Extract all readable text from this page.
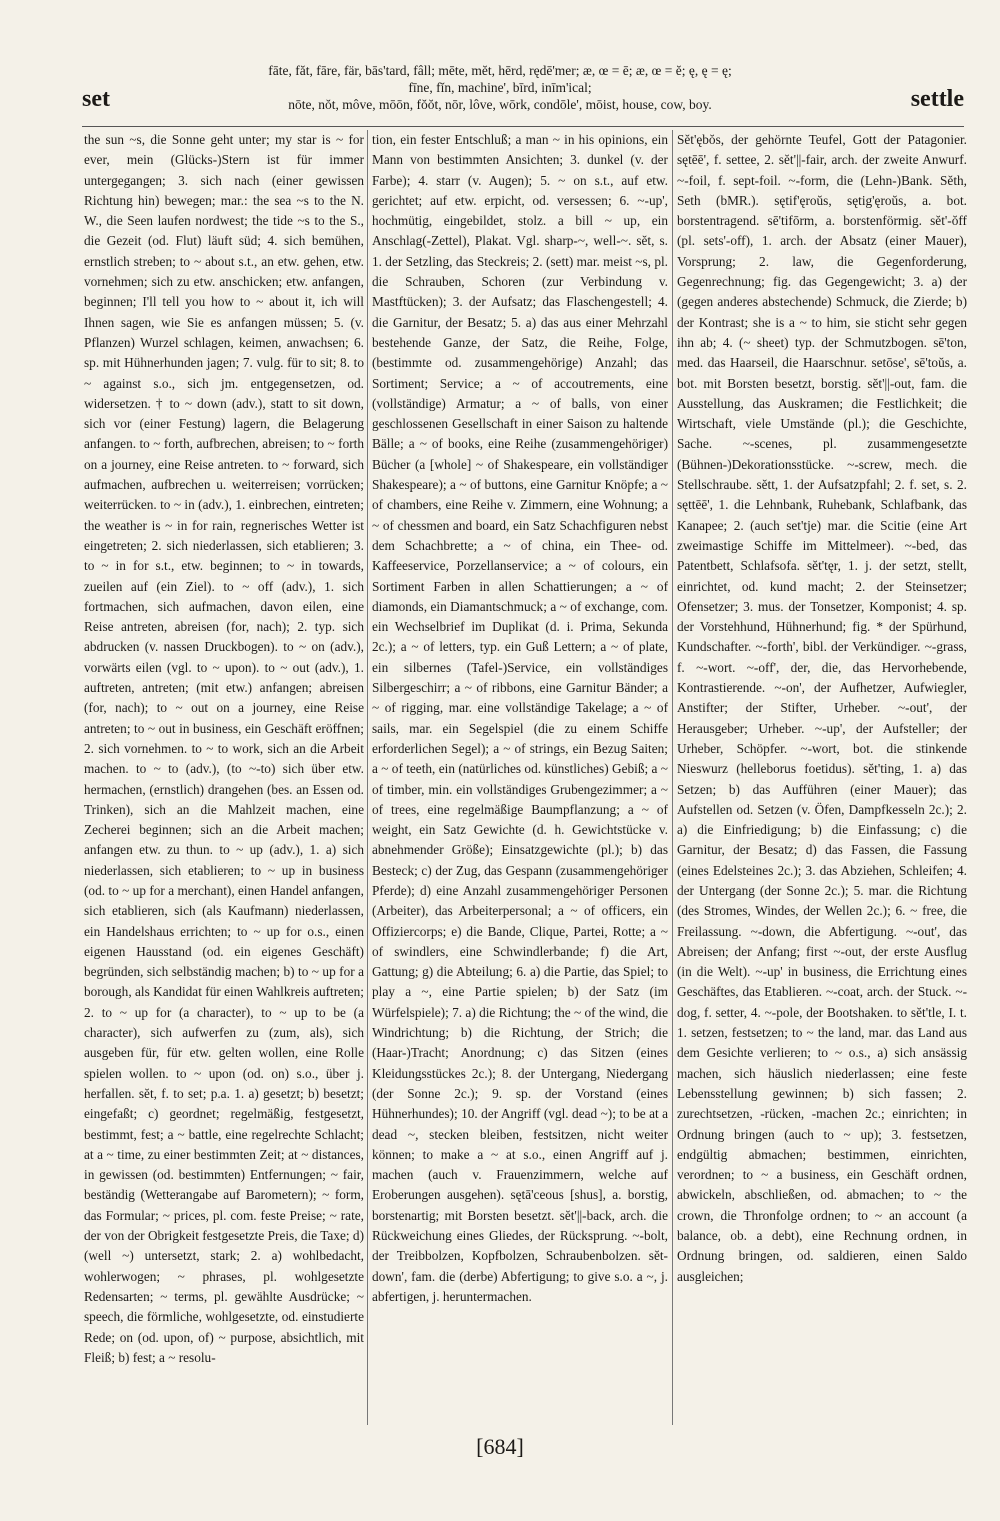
set
fāte, făt, fāre, fär, bās'tard, fâll; mēte, mĕt, hērd, rędē'mer; æ, œ = ē; æ, œ = ĕ; ę, ę = ę;
fīne, fĭn, machine', bīrd, inīm'ical;
nōte, nŏt, môve, mōōn, fŏŏt, nōr, lôve, wōrk, condōle', mōist, house, cow, boy.	settle

the sun ~s, die Sonne geht unter; my star is ~ for ever, mein (Glücks-)Stern ist für immer untergegangen; 3. sich nach (einer gewissen Richtung hin) bewegen; mar.: the sea ~s to the N. W., die Seen laufen nordwest; the tide ~s to the S., die Gezeit (od. Flut) läuft süd; 4. sich bemühen, ernstlich streben; to ~ about s.t., an etw. gehen, etw. vornehmen; sich zu etw. anschicken; etw. anfangen, beginnen; I'll tell you how to ~ about it, ich will Ihnen sagen, wie Sie es anfangen müssen; 5. (v. Pflanzen) Wurzel schlagen, keimen, anwachsen; 6. sp. mit Hühnerhunden jagen; 7. vulg. für to sit; 8. to ~ against s.o., sich jm. entgegensetzen, od. widersetzen. † to ~ down (adv.), statt to sit down, sich vor (einer Festung) lagern, die Belagerung anfangen. to ~ forth, aufbrechen, abreisen; to ~ forth on a journey, eine Reise antreten. to ~ forward, sich aufmachen, aufbrechen u. weiterreisen; vorrücken; weiterrücken. to ~ in (adv.), 1. einbrechen, eintreten; the weather is ~ in for rain, regnerisches Wetter ist eingetreten; 2. sich niederlassen, sich etablieren; 3. to ~ in for s.t., etw. beginnen; to ~ in towards, zueilen auf (ein Ziel). to ~ off (adv.), 1. sich fortmachen, sich aufmachen, davon eilen, eine Reise antreten, abreisen (for, nach); 2. typ. sich abdrucken (v. nassen Druckbogen). to ~ on (adv.), vorwärts eilen (vgl. to ~ upon). to ~ out (adv.), 1. auftreten, antreten; (mit etw.) anfangen; abreisen (for, nach); to ~ out on a journey, eine Reise antreten; to ~ out in business, ein Geschäft eröffnen; 2. sich vornehmen. to ~ to work, sich an die Arbeit machen. to ~ to (adv.), (to ~-to) sich über etw. hermachen, (ernstlich) drangehen (bes. an Essen od. Trinken), sich an die Mahlzeit machen, eine Zecherei beginnen; sich an die Arbeit machen; anfangen etw. zu thun. to ~ up (adv.), 1. a) sich niederlassen, sich etablieren; to ~ up in business (od. to ~ up for a merchant), einen Handel anfangen, sich etablieren, sich (als Kaufmann) niederlassen, ein Handelshaus errichten; to ~ up for o.s., einen eigenen Hausstand (od. ein eigenes Geschäft) begründen, sich selbständig machen; b) to ~ up for a borough, als Kandidat für einen Wahlkreis auftreten; 2. to ~ up for (a character), to ~ up to be (a character), sich aufwerfen zu (zum, als), sich ausgeben für, für etw. gelten wollen, eine Rolle spielen wollen. to ~ upon (od. on) s.o., über j. herfallen. sĕt, f. to set; p.a. 1. a) gesetzt; b) besetzt; eingefaßt; c) geordnet; regelmäßig, festgesetzt, bestimmt, fest; a ~ battle, eine regelrechte Schlacht; at a ~ time, zu einer bestimmten Zeit; at ~ distances, in gewissen (od. bestimmten) Entfernungen; ~ fair, beständig (Wetterangabe auf Barometern); ~ form, das Formular; ~ prices, pl. com. feste Preise; ~ rate, der von der Obrigkeit festgesetzte Preis, die Taxe; d) (well ~) untersetzt, stark; 2. a) wohlbedacht, wohlerwogen; ~ phrases, pl. wohlgesetzte Redensarten; ~ terms, pl. gewählte Ausdrücke; ~ speech, die förmliche, wohlgesetzte, od. einstudierte Rede; on (od. upon, of) ~ purpose, absichtlich, mit Fleiß; b) fest; a ~ resolu-

tion, ein fester Entschluß; a man ~ in his opinions, ein Mann von bestimmten Ansichten; 3. dunkel (v. der Farbe); 4. starr (v. Augen); 5. ~ on s.t., auf etw. gerichtet; auf etw. erpicht, od. versessen; 6. ~-up', hochmütig, eingebildet, stolz. a bill ~ up, ein Anschlag(-Zettel), Plakat. Vgl. sharp-~, well-~. sĕt, s. 1. der Setzling, das Steckreis; 2. (sett) mar. meist ~s, pl. die Schrauben, Schoren (zur Verbindung v. Mastftücken); 3. der Aufsatz; das Flaschengestell; 4. die Garnitur, der Besatz; 5. a) das aus einer Mehrzahl bestehende Ganze, der Satz, die Reihe, Folge, (bestimmte od. zusammengehörige) Anzahl; das Sortiment; Service; a ~ of accoutrements, eine (vollständige) Armatur; a ~ of balls, von einer geschlossenen Gesellschaft in einer Saison zu haltende Bälle; a ~ of books, eine Reihe (zusammengehöriger) Bücher (a [whole] ~ of Shakespeare, ein vollständiger Shakespeare); a ~ of buttons, eine Garnitur Knöpfe; a ~ of chambers, eine Reihe v. Zimmern, eine Wohnung; a ~ of chessmen and board, ein Satz Schachfiguren nebst dem Schachbrette; a ~ of china, ein Thee- od. Kaffeeservice, Porzellanservice; a ~ of colours, ein Sortiment Farben in allen Schattierungen; a ~ of diamonds, ein Diamantschmuck; a ~ of exchange, com. ein Wechselbrief im Duplikat (d. i. Prima, Sekunda 2c.); a ~ of letters, typ. ein Guß Lettern; a ~ of plate, ein silbernes (Tafel-)Service, ein vollständiges Silbergeschirr; a ~ of ribbons, eine Garnitur Bänder; a ~ of rigging, mar. eine vollständige Takelage; a ~ of sails, mar. ein Segelspiel (die zu einem Schiffe erforderlichen Segel); a ~ of strings, ein Bezug Saiten; a ~ of teeth, ein (natürliches od. künstliches) Gebiß; a ~ of timber, min. ein vollständiges Grubengezimmer; a ~ of trees, eine regelmäßige Baumpflanzung; a ~ of weight, ein Satz Gewichte (d. h. Gewichtstücke v. abnehmender Größe); Einsatzgewichte (pl.); b) das Besteck; c) der Zug, das Gespann (zusammengehöriger Pferde); d) eine Anzahl zusammengehöriger Personen (Arbeiter), das Arbeiterpersonal; a ~ of officers, ein Offiziercorps; e) die Bande, Clique, Partei, Rotte; a ~ of swindlers, eine Schwindlerbande; f) die Art, Gattung; g) die Abteilung; 6. a) die Partie, das Spiel; to play a ~, eine Partie spielen; b) der Satz (im Würfelspiele); 7. a) die Richtung; the ~ of the wind, die Windrichtung; b) die Richtung, der Strich; die (Haar-)Tracht; Anordnung; c) das Sitzen (eines Kleidungsstückes 2c.); 8. der Untergang, Niedergang (der Sonne 2c.); 9. sp. der Vorstand (eines Hühnerhundes); 10. der Angriff (vgl. dead ~); to be at a dead ~, stecken bleiben, festsitzen, nicht weiter können; to make a ~ at s.o., einen Angriff auf j. machen (auch v. Frauenzimmern, welche auf Eroberungen ausgehen). sętā'ceous [shus], a. borstig, borstenartig; mit Borsten besetzt. sĕt'||-back, arch. die Rückweichung eines Gliedes, der Rücksprung. ~-bolt, der Treibbolzen, Kopfbolzen, Schraubenbolzen. sĕt-down', fam. die (derbe) Abfertigung; to give s.o. a ~, j. abfertigen, j. heruntermachen.

Sĕt'ębŏs, der gehörnte Teufel, Gott der Patagonier. sętēē', f. settee, 2. sĕt'||-fair, arch. der zweite Anwurf. ~-foil, f. sept-foil. ~-form, die (Lehn-)Bank. Sĕth, Seth (bMR.). sętif'ęroŭs, sętig'ęroŭs, a. bot. borstentragend. sē'tifōrm, a. borstenförmig. sĕt'-ŏff (pl. sets'-off), 1. arch. der Absatz (einer Mauer), Vorsprung; 2. law, die Gegenforderung, Gegenrechnung; fig. das Gegengewicht; 3. a) der (gegen anderes abstechende) Schmuck, die Zierde; b) der Kontrast; she is a ~ to him, sie sticht sehr gegen ihn ab; 4. (~ sheet) typ. der Schmutzbogen. sē'ton, med. das Haarseil, die Haarschnur. setōse', sē'toŭs, a. bot. mit Borsten besetzt, borstig. sĕt'||-out, fam. die Ausstellung, das Auskramen; die Festlichkeit; die Wirtschaft, viele Umstände (pl.); die Geschichte, Sache. ~-scenes, pl. zusammengesetzte (Bühnen-)Dekorationsstücke. ~-screw, mech. die Stellschraube. sĕtt, 1. der Aufsatzpfahl; 2. f. set, s. 2. sęttēē', 1. die Lehnbank, Ruhebank, Schlafbank, das Kanapee; 2. (auch set'tje) mar. die Scitie (eine Art zweimastige Schiffe im Mittelmeer). ~-bed, das Patentbett, Schlafsofa. sĕt'tęr, 1. j. der setzt, stellt, einrichtet, od. kund macht; 2. der Steinsetzer; Ofensetzer; 3. mus. der Tonsetzer, Komponist; 4. sp. der Vorstehhund, Hühnerhund; fig. * der Spürhund, Kundschafter. ~-forth', bibl. der Verkündiger. ~-grass, f. ~-wort. ~-off', der, die, das Hervorhebende, Kontrastierende. ~-on', der Aufhetzer, Aufwiegler, Anstifter; der Stifter, Urheber. ~-out', der Herausgeber; Urheber. ~-up', der Aufsteller; der Urheber, Schöpfer. ~-wort, bot. die stinkende Nieswurz (helleborus foetidus). sĕt'ting, 1. a) das Setzen; b) das Aufführen (einer Mauer); das Aufstellen od. Setzen (v. Öfen, Dampfkesseln 2c.); 2. a) die Einfriedigung; b) die Einfassung; c) die Garnitur, der Besatz; d) das Fassen, die Fassung (eines Edelsteines 2c.); 3. das Abziehen, Schleifen; 4. der Untergang (der Sonne 2c.); 5. mar. die Richtung (des Stromes, Windes, der Wellen 2c.); 6. ~ free, die Freilassung. ~-down, die Abfertigung. ~-out', das Abreisen; der Anfang; first ~-out, der erste Ausflug (in die Welt). ~-up' in business, die Errichtung eines Geschäftes, das Etablieren. ~-coat, arch. der Stuck. ~-dog, f. setter, 4. ~-pole, der Bootshaken. to sĕt'tle, I. t. 1. setzen, festsetzen; to ~ the land, mar. das Land aus dem Gesichte verlieren; to ~ o.s., a) sich ansässig machen, sich häuslich niederlassen; eine feste Lebensstellung gewinnen; b) sich fassen; 2. zurechtsetzen, -rücken, -machen 2c.; einrichten; in Ordnung bringen (auch to ~ up); 3. festsetzen, endgültig abmachen; bestimmen, einrichten, verordnen; to ~ a business, ein Geschäft ordnen, abwickeln, abschließen, od. abmachen; to ~ the crown, die Thronfolge ordnen; to ~ an account (a balance, ob. a debt), eine Rechnung ordnen, in Ordnung bringen, od. saldieren, einen Saldo ausgleichen;

[684]
